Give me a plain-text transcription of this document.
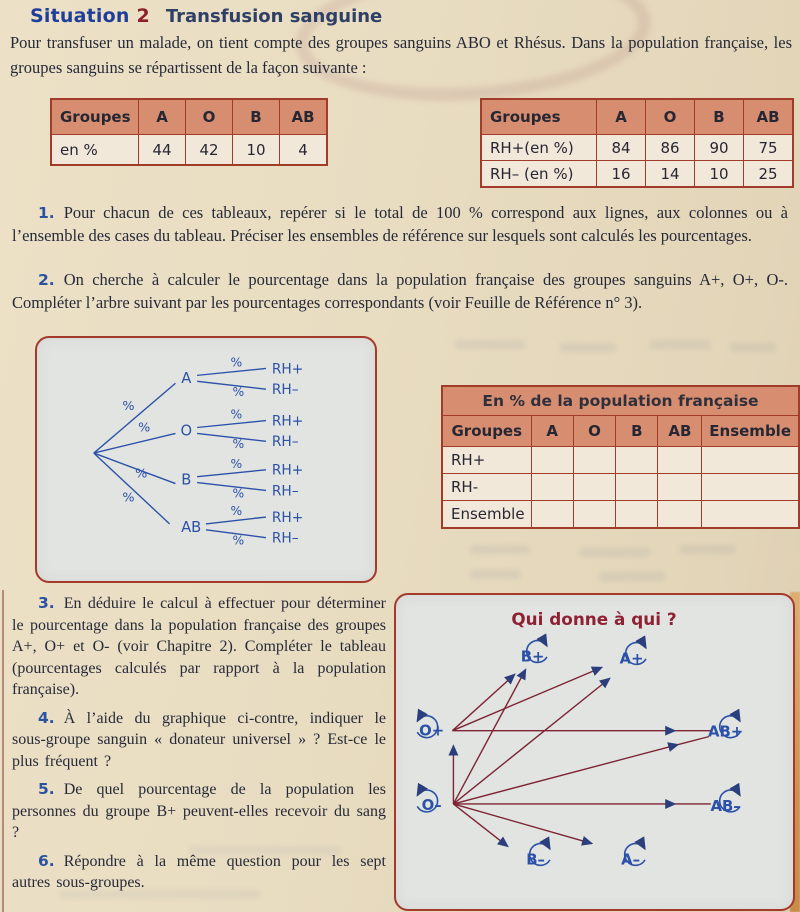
Situation 2 Transfusion sanguine

Pour transfuser un malade, on tient compte des groupes sanguins ABO et Rhésus. Dans la population française, les groupes sanguins se répartissent de la façon suivante :

Groupes	A	O	B	AB
en %	44	42	10	4
Groupes	A	O	B	AB
RH+(en %)	84	86	90	75
RH– (en %)	16	14	10	25

1. Pour chacun de ces tableaux, repérer si le total de 100 % correspond aux lignes, aux colonnes ou à l’ensemble des cases du tableau. Préciser les ensembles de référence sur lesquels sont calculés les pourcentages.

2. On cherche à calculer le pourcentage dans la population française des groupes sanguins A+, O+, O-. Compléter l’arbre suivant par les pourcentages correspondants (voir Feuille de Référence n° 3).

A
O
B
AB
%
%
%
%
%
%
%
%
%
%
%
%
RH+
RH–
RH+
RH–
RH+
RH–
RH+
RH–
En % de la population française					
Groupes	A	O	B	AB	Ensemble
RH+					
RH-					
Ensemble					

3. En déduire le calcul à effectuer pour déterminer le pourcentage dans la population française des groupes A+, O+ et O- (voir Chapitre 2). Compléter le tableau (pourcentages calculés par rapport à la population française).

4. À l’aide du graphique ci-contre, indiquer le sous-groupe sanguin « donateur universel » ? Est-ce le plus fréquent ?

5. De quel pourcentage de la population les personnes du groupe B+ peuvent-elles recevoir du sang ?

6. Répondre à la même question pour les sept autres sous-groupes.

Qui donne à qui ?
B+	A+
O+	AB+
O–	AB–
B–	A–
